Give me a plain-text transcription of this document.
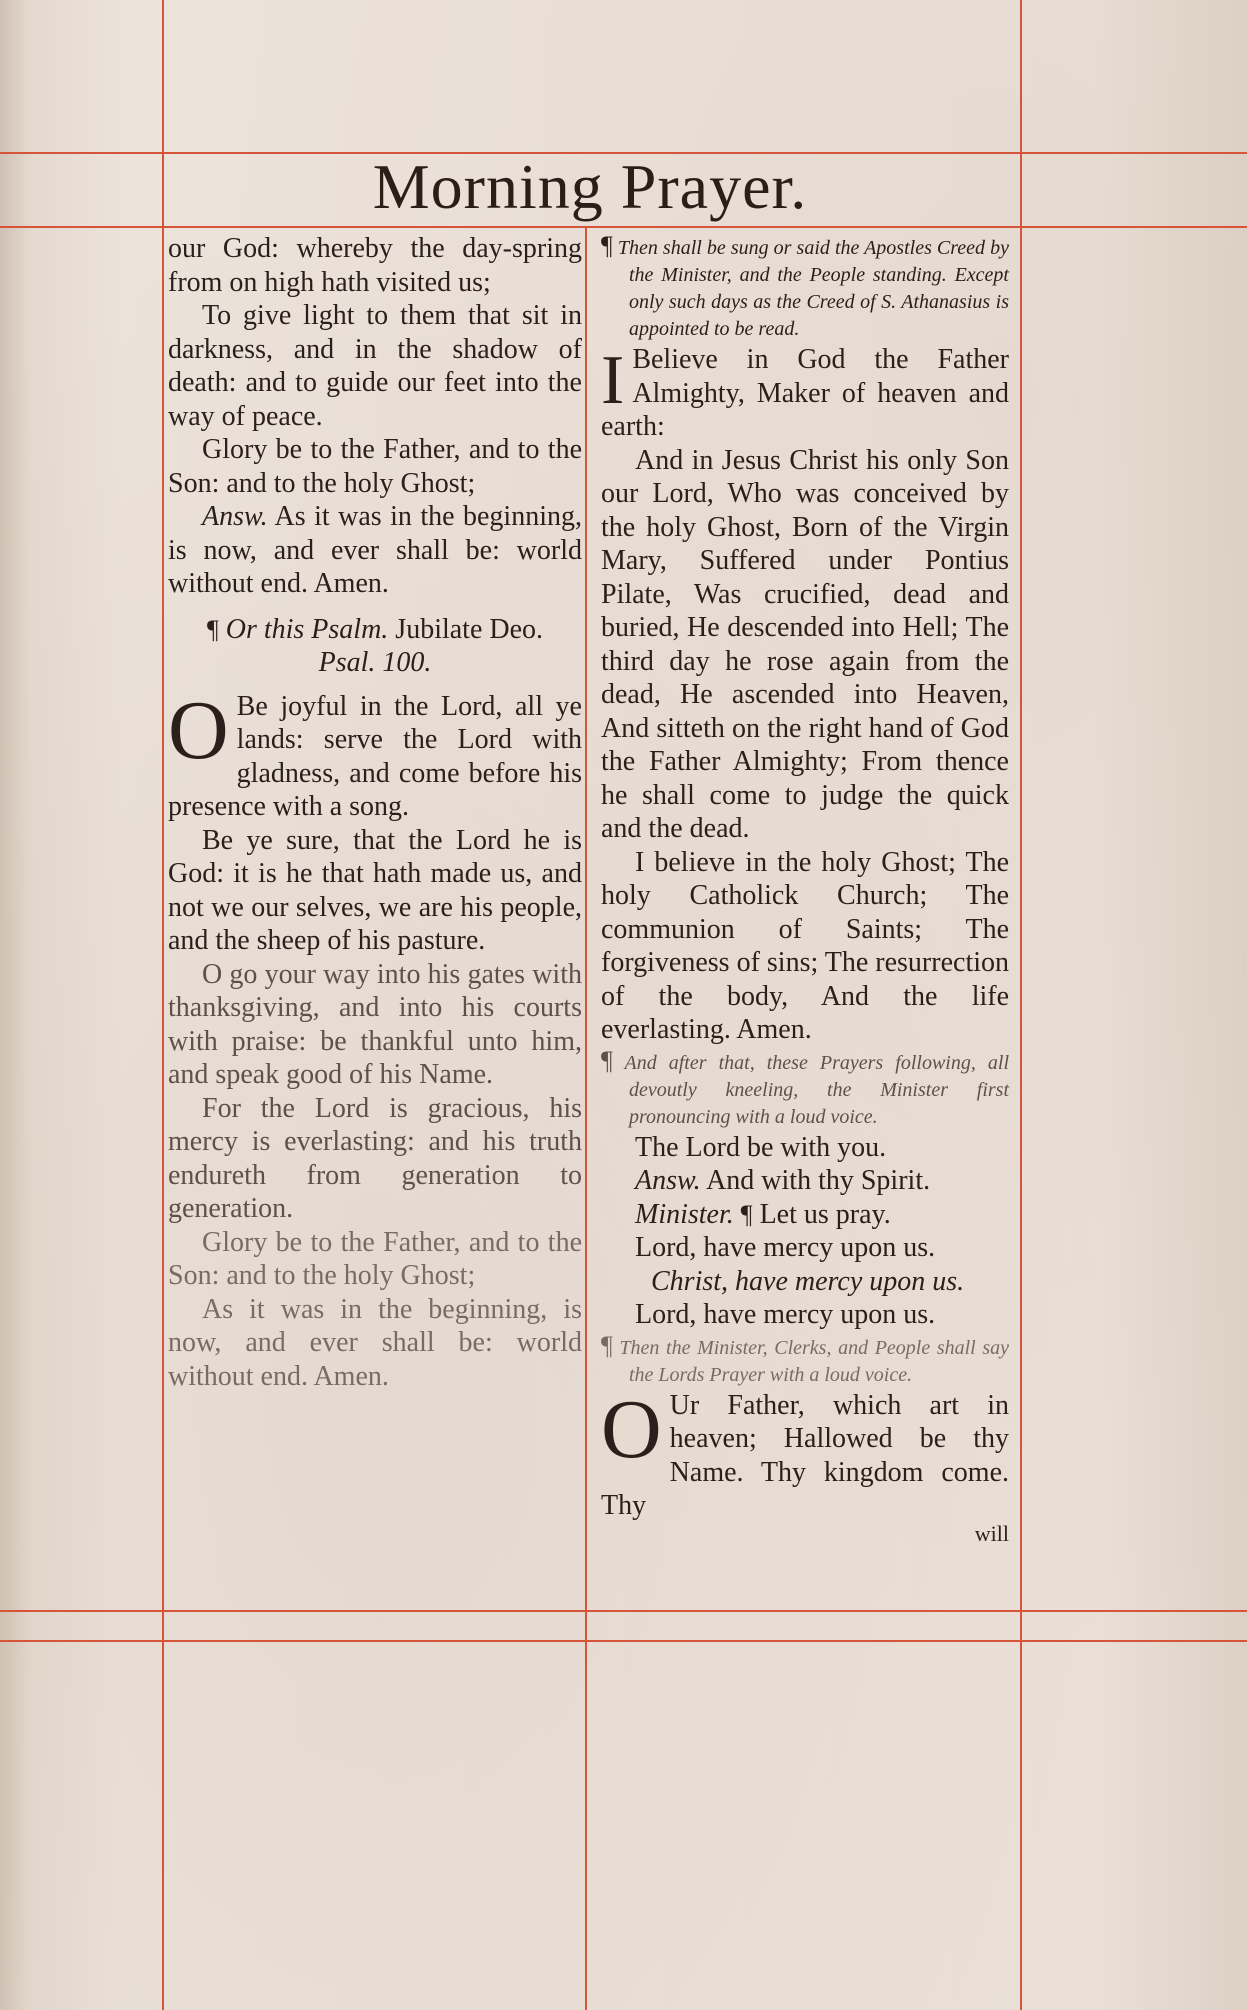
Morning Prayer.

our God: whereby the day-spring from on high hath visited us;

To give light to them that sit in darkness, and in the shadow of death: and to guide our feet into the way of peace.

Glory be to the Father, and to the Son: and to the holy Ghost;

Answ. As it was in the beginning, is now, and ever shall be: world without end. Amen.

¶ Or this Psalm. Jubilate Deo.
Psal. 100.

O Be joyful in the Lord, all ye lands: serve the Lord with gladness, and come before his presence with a song.

Be ye sure, that the Lord he is God: it is he that hath made us, and not we our selves, we are his people, and the sheep of his pasture.

O go your way into his gates with thanksgiving, and into his courts with praise: be thankful unto him, and speak good of his Name.

For the Lord is gracious, his mercy is everlasting: and his truth endureth from generation to generation.

Glory be to the Father, and to the Son: and to the holy Ghost;

As it was in the beginning, is now, and ever shall be: world without end. Amen.

¶ Then shall be sung or said the Apostles Creed by the Minister, and the People standing. Except only such days as the Creed of S. Athanasius is appointed to be read.

I Believe in God the Father Almighty, Maker of heaven and earth:

And in Jesus Christ his only Son our Lord, Who was conceived by the holy Ghost, Born of the Virgin Mary, Suffered under Pontius Pilate, Was crucified, dead and buried, He descended into Hell; The third day he rose again from the dead, He ascended into Heaven, And sitteth on the right hand of God the Father Almighty; From thence he shall come to judge the quick and the dead.

I believe in the holy Ghost; The holy Catholick Church; The communion of Saints; The forgiveness of sins; The resurrection of the body, And the life everlasting. Amen.

¶ And after that, these Prayers following, all devoutly kneeling, the Minister first pronouncing with a loud voice.

The Lord be with you.

Answ. And with thy Spirit.

Minister. ¶ Let us pray.

Lord, have mercy upon us.

Christ, have mercy upon us.

Lord, have mercy upon us.

¶ Then the Minister, Clerks, and People shall say the Lords Prayer with a loud voice.

O Ur Father, which art in heaven; Hallowed be thy Name. Thy kingdom come. Thy

will
